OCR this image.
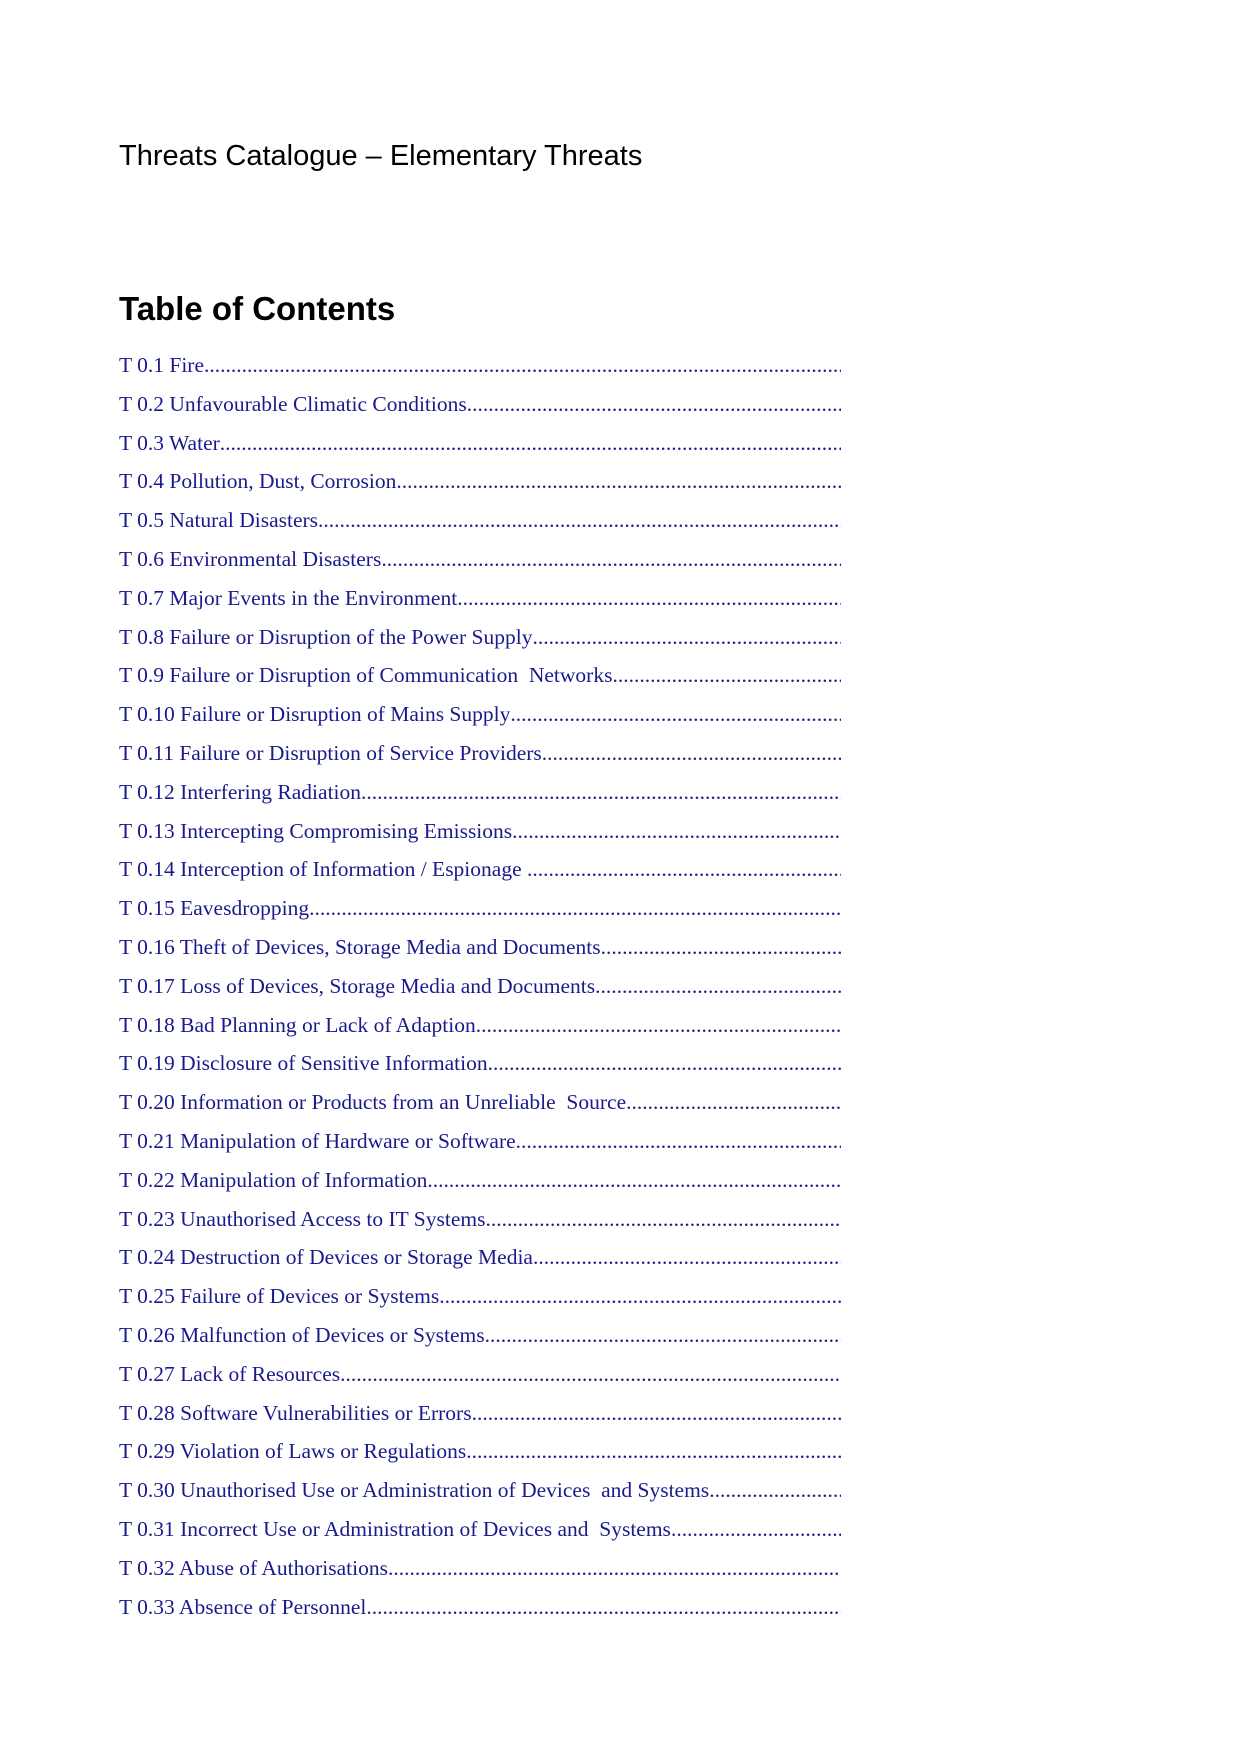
Threats Catalogue – Elementary Threats
Table of Contents
T 0.1 Fire
.....
T 0.2 Unfavourable Climatic Conditions
.....
T 0.3 Water
.....
T 0.4 Pollution, Dust, Corrosion
.....
T 0.5 Natural Disasters
.....
T 0.6 Environmental Disasters
.....
T 0.7 Major Events in the Environment
.....
T 0.8 Failure or Disruption of the Power Supply
.....
T 0.9 Failure or Disruption of Communication  Networks
.....
T 0.10 Failure or Disruption of Mains Supply
.....
T 0.11 Failure or Disruption of Service Providers
.....
T 0.12 Interfering Radiation
.....
T 0.13 Intercepting Compromising Emissions
.....
T 0.14 Interception of Information / Espionage
.....
T 0.15 Eavesdropping
.....
T 0.16 Theft of Devices, Storage Media and Documents
.....
T 0.17 Loss of Devices, Storage Media and Documents
.....
T 0.18 Bad Planning or Lack of Adaption
.....
T 0.19 Disclosure of Sensitive Information
.....
T 0.20 Information or Products from an Unreliable  Source
.....
T 0.21 Manipulation of Hardware or Software
.....
T 0.22 Manipulation of Information
.....
T 0.23 Unauthorised Access to IT Systems
.....
T 0.24 Destruction of Devices or Storage Media
.....
T 0.25 Failure of Devices or Systems
.....
T 0.26 Malfunction of Devices or Systems
.....
T 0.27 Lack of Resources
.....
T 0.28 Software Vulnerabilities or Errors
.....
T 0.29 Violation of Laws or Regulations
.....
T 0.30 Unauthorised Use or Administration of Devices  and Systems
.....
T 0.31 Incorrect Use or Administration of Devices and  Systems
.....
T 0.32 Abuse of Authorisations
.....
T 0.33 Absence of Personnel
.....
